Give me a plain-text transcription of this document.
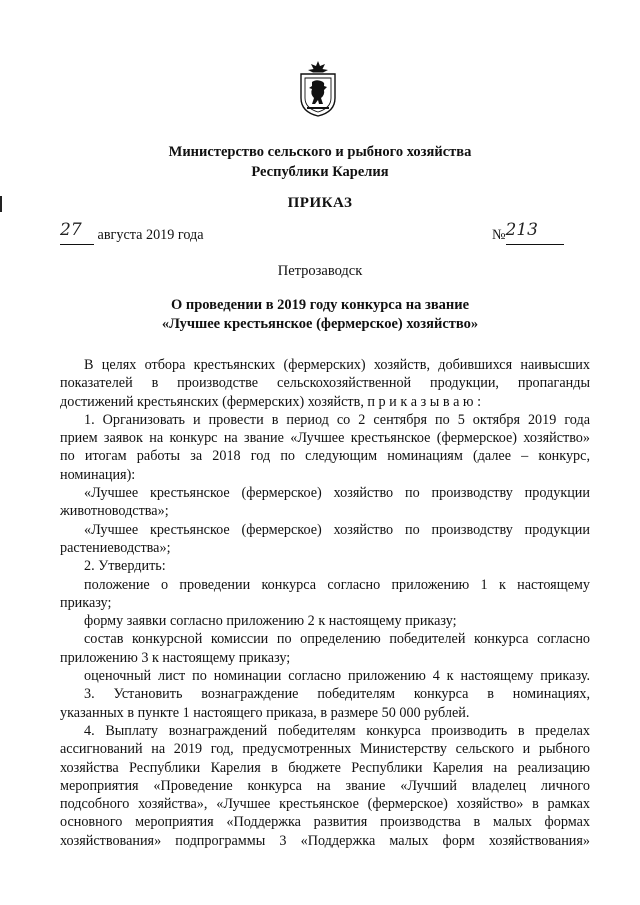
Министерство сельского и рыбного хозяйства
Республики Карелия
ПРИКАЗ
27 августа 2019 года	№213
Петрозаводск
О проведении в 2019 году конкурса на звание
«Лучшее крестьянское (фермерское) хозяйство»

В целях отбора крестьянских (фермерских) хозяйств, добившихся наивысших

показателей в производстве сельскохозяйственной продукции, пропаганды

достижений крестьянских (фермерских) хозяйств, п р и к а з ы в а ю :

1. Организовать и провести в период со 2 сентября по 5 октября 2019 года

прием заявок на конкурс на звание «Лучшее крестьянское (фермерское) хозяйство»

по итогам работы за 2018 год по следующим номинациям (далее – конкурс,

номинация):

«Лучшее крестьянское (фермерское) хозяйство по производству продукции

животноводства»;

«Лучшее крестьянское (фермерское) хозяйство по производству продукции

растениеводства»;

2. Утвердить:

положение о проведении конкурса согласно приложению 1 к настоящему

приказу;

форму заявки согласно приложению 2 к настоящему приказу;

состав конкурсной комиссии по определению победителей конкурса согласно

приложению 3 к настоящему приказу;

оценочный лист по номинации согласно приложению 4 к настоящему приказу.

3. Установить вознаграждение победителям конкурса в номинациях,

указанных в пункте 1 настоящего приказа, в размере 50 000 рублей.

4. Выплату вознаграждений победителям конкурса производить в пределах

ассигнований на 2019 год, предусмотренных Министерству сельского и рыбного

хозяйства Республики Карелия в бюджете Республики Карелия на реализацию

мероприятия «Проведение конкурса на звание «Лучший владелец личного

подсобного хозяйства», «Лучшее крестьянское (фермерское) хозяйство» в рамках

основного мероприятия «Поддержка развития производства в малых формах

хозяйствования» подпрограммы 3 «Поддержка малых форм хозяйствования»
